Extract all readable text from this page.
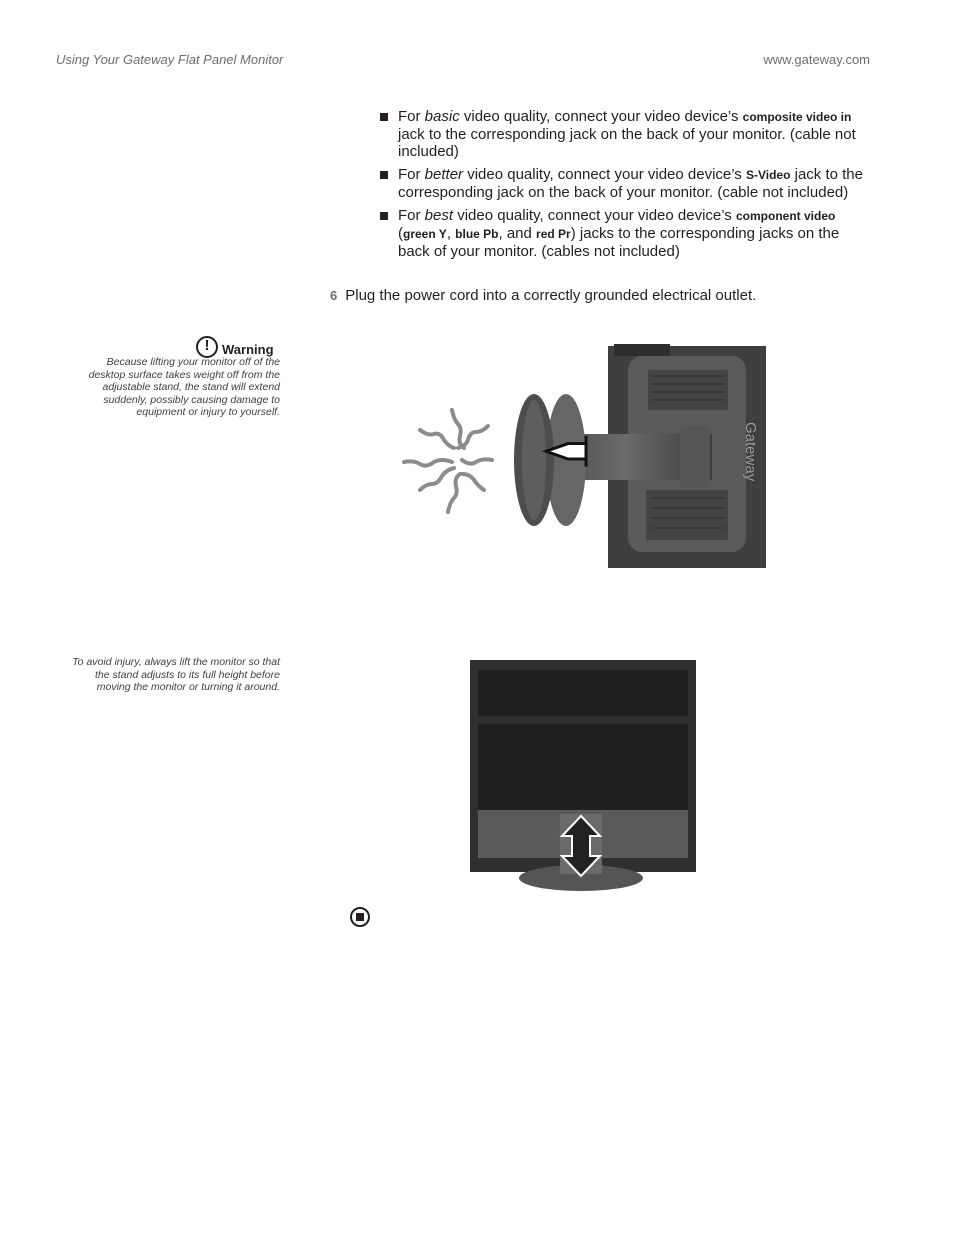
Using Your Gateway Flat Panel Monitor	www.gateway.com
For basic video quality, connect your video device’s composite video in jack to the corresponding jack on the back of your monitor. (cable not included)
For better video quality, connect your video device’s S-Video jack to the corresponding jack on the back of your monitor. (cable not included)
For best video quality, connect your video device’s component video (green Y, blue Pb, and red Pr) jacks to the corresponding jacks on the back of your monitor. (cables not included)
6 Plug the power cord into a correctly grounded electrical outlet.
!
Warning
Because lifting your monitor off of the desktop surface takes weight off from the adjustable stand, the stand will extend suddenly, possibly causing damage to equipment or injury to yourself.
To avoid injury, always lift the monitor so that the stand adjusts to its full height before moving the monitor or turning it around.
Gateway
